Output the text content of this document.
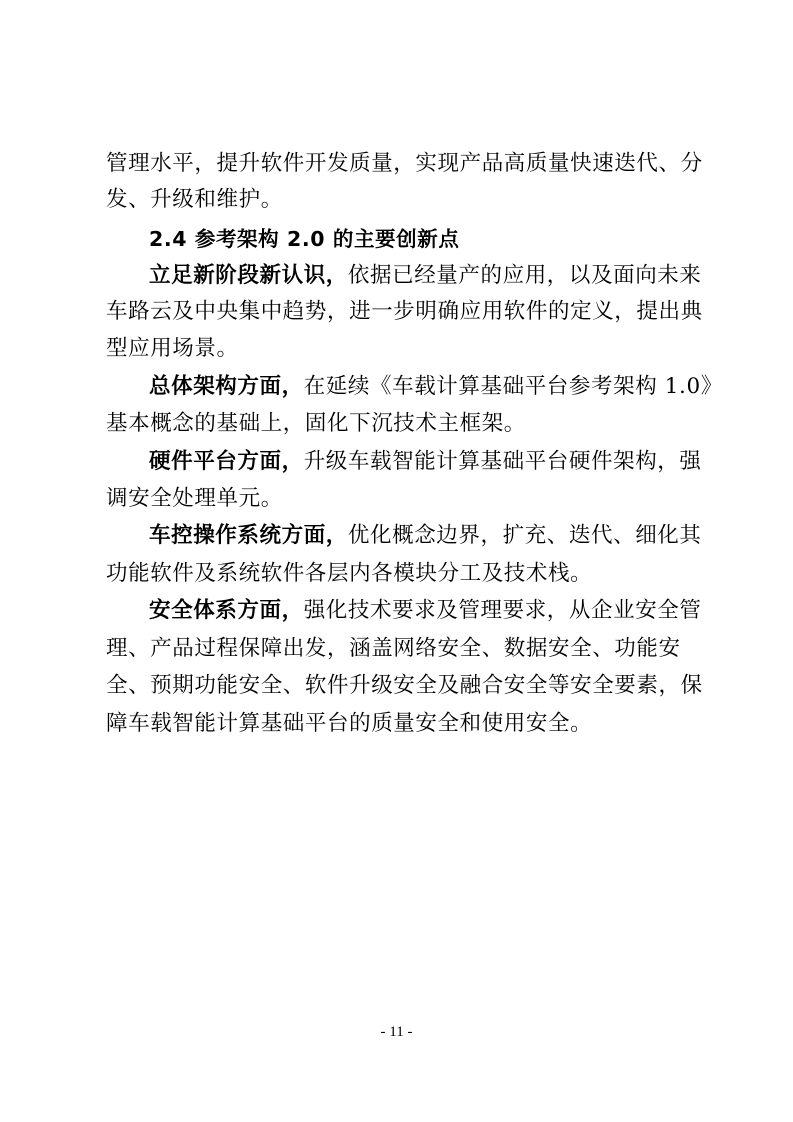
管理水平，提升软件开发质量，实现产品高质量快速迭代、分
发、升级和维护。
2.4 参考架构 2.0 的主要创新点
立足新阶段新认识，依据已经量产的应用，以及面向未来
车路云及中央集中趋势，进一步明确应用软件的定义，提出典
型应用场景。
总体架构方面，在延续《车载计算基础平台参考架构 1.0》
基本概念的基础上，固化下沉技术主框架。
硬件平台方面，升级车载智能计算基础平台硬件架构，强
调安全处理单元。
车控操作系统方面，优化概念边界，扩充、迭代、细化其
功能软件及系统软件各层内各模块分工及技术栈。
安全体系方面，强化技术要求及管理要求，从企业安全管
理、产品过程保障出发，涵盖网络安全、数据安全、功能安
全、预期功能安全、软件升级安全及融合安全等安全要素，保
障车载智能计算基础平台的质量安全和使用安全。
- 11 -
